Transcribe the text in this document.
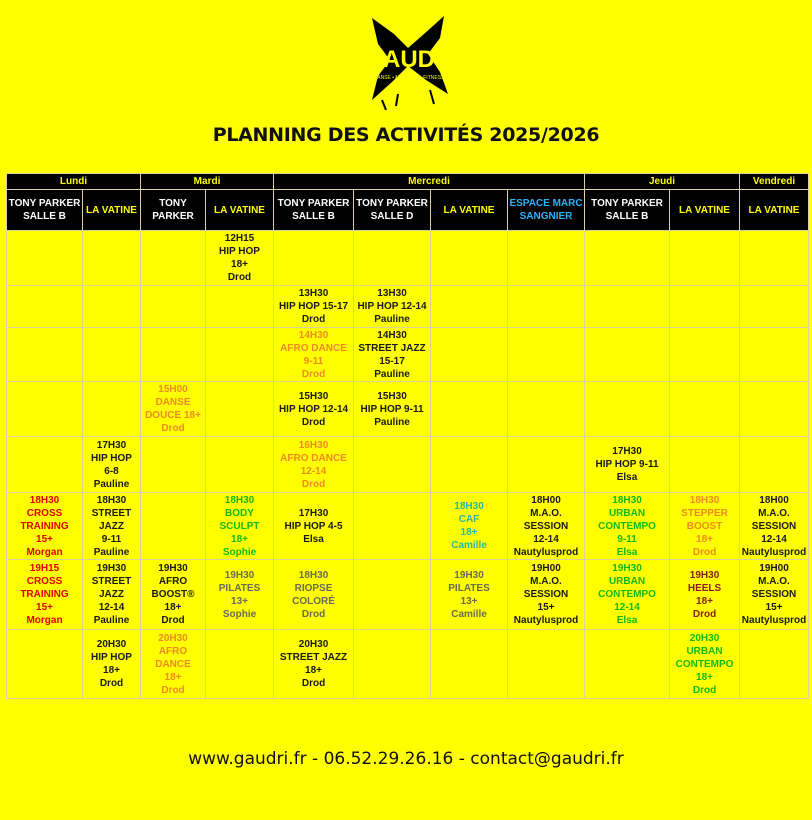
AUD
DANSE • MUSIQUE • FITNESS
PLANNING DES ACTIVITÉS 2025/2026
Lundi		Mardi		Mercredi				Jeudi		Vendredi
TONY PARKER SALLE B	LA VATINE	TONY PARKER	LA VATINE	TONY PARKER SALLE B	TONY PARKER SALLE D	LA VATINE	ESPACE MARC SANGNIER	TONY PARKER SALLE B	LA VATINE	LA VATINE

			12H15
HIP HOP
18+
Drod							

				13H30
HIP HOP 15-17
Drod	13H30
HIP HOP 12-14
Pauline					

				14H30
AFRO DANCE
9-11
Drod	14H30
STREET JAZZ
15-17
Pauline					

		15H00
DANSE
DOUCE 18+
Drod		15H30
HIP HOP 12-14
Drod	15H30
HIP HOP 9-11
Pauline					

	17H30
HIP HOP
6-8
Pauline			16H30
AFRO DANCE
12-14
Drod				17H30
HIP HOP 9-11
Elsa		

18H30
CROSS
TRAINING
15+
Morgan	18H30
STREET
JAZZ
9-11
Pauline		18H30
BODY
SCULPT
18+
Sophie	17H30
HIP HOP 4-5
Elsa		18H30
CAF
18+
Camille	18H00
M.A.O. SESSION
12-14
Nautylusprod	18H30
URBAN
CONTEMPO
9-11
Elsa	18H30
STEPPER
BOOST
18+
Drod	18H00
M.A.O.
SESSION
12-14
Nautylusprod

19H15
CROSS
TRAINING
15+
Morgan	19H30
STREET
JAZZ
12-14
Pauline	19H30
AFRO
BOOST®
18+
Drod	19H30
PILATES
13+
Sophie	18H30
RIOPSE
COLORÉ
Drod		19H30
PILATES
13+
Camille	19H00
M.A.O.
SESSION
15+
Nautylusprod	19H30
URBAN
CONTEMPO
12-14
Elsa	19H30
HEELS
18+
Drod	19H00
M.A.O.
SESSION
15+
Nautylusprod

	20H30
HIP HOP
18+
Drod	20H30
AFRO
DANCE
18+
Drod		20H30
STREET JAZZ
18+
Drod					20H30
URBAN
CONTEMPO
18+
Drod	

www.gaudri.fr - 06.52.29.26.16 - contact@gaudri.fr
